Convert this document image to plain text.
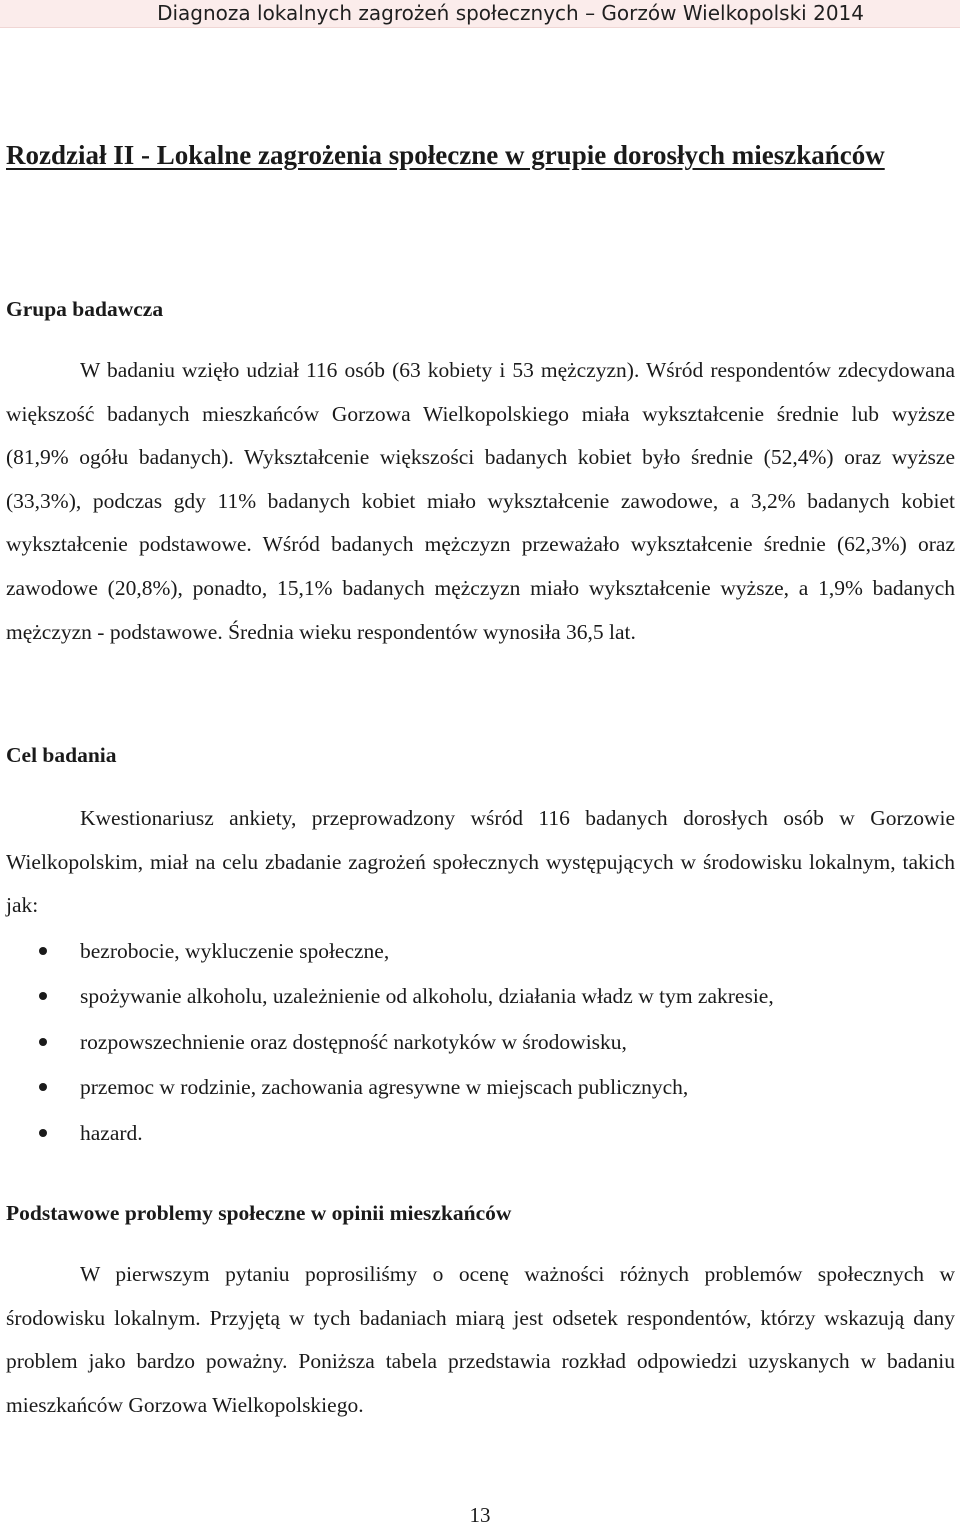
Diagnoza lokalnych zagrożeń społecznych – Gorzów Wielkopolski 2014
Rozdział II - Lokalne zagrożenia społeczne w grupie dorosłych mieszkańców
Grupa badawcza

W badaniu wzięło udział 116 osób (63 kobiety i 53 mężczyzn). Wśród respondentów zdecydowana większość badanych mieszkańców Gorzowa Wielkopolskiego miała wykształcenie średnie lub wyższe (81,9% ogółu badanych). Wykształcenie większości badanych kobiet było średnie (52,4%) oraz wyższe (33,3%), podczas gdy 11% badanych kobiet miało wykształcenie zawodowe, a 3,2% badanych kobiet wykształcenie podstawowe. Wśród badanych mężczyzn przeważało wykształcenie średnie (62,3%) oraz zawodowe (20,8%), ponadto, 15,1% badanych mężczyzn miało wykształcenie wyższe, a 1,9% badanych mężczyzn - podstawowe. Średnia wieku respondentów wynosiła 36,5 lat.

Cel badania

Kwestionariusz ankiety, przeprowadzony wśród 116 badanych dorosłych osób w Gorzowie Wielkopolskim, miał na celu zbadanie zagrożeń społecznych występujących w środowisku lokalnym, takich jak:

bezrobocie, wykluczenie społeczne,
spożywanie alkoholu, uzależnienie od alkoholu, działania władz w tym zakresie,
rozpowszechnienie oraz dostępność narkotyków w środowisku,
przemoc w rodzinie, zachowania agresywne w miejscach publicznych,
hazard.
Podstawowe problemy społeczne w opinii mieszkańców

W pierwszym pytaniu poprosiliśmy o ocenę ważności różnych problemów społecznych w środowisku lokalnym. Przyjętą w tych badaniach miarą jest odsetek respondentów, którzy wskazują dany problem jako bardzo poważny. Poniższa tabela przedstawia rozkład odpowiedzi uzyskanych w badaniu mieszkańców Gorzowa Wielkopolskiego.

13
